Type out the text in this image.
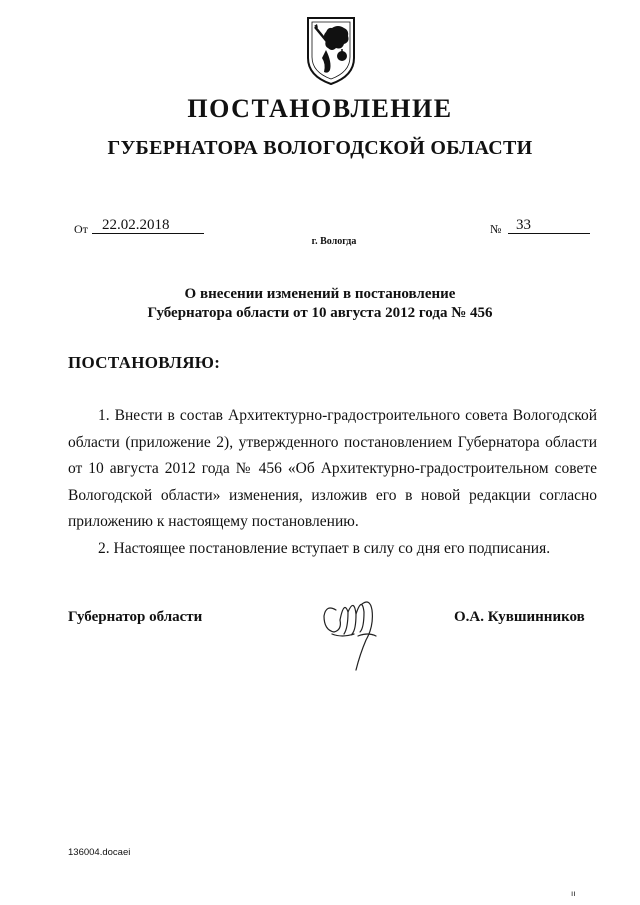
ПОСТАНОВЛЕНИЕ
ГУБЕРНАТОРА ВОЛОГОДСКОЙ ОБЛАСТИ
От 22.02.2018	№ 33
г. Вологда
О внесении изменений в постановление
Губернатора области от 10 августа 2012 года № 456
ПОСТАНОВЛЯЮ:

1. Внести в состав Архитектурно-градостроительного совета Вологодской области (приложение 2), утвержденного постановлением Губернатора области от 10 августа 2012 года № 456 «Об Архитектурно-градостроительном совете Вологодской области» изменения, изложив его в новой редакции согласно приложению к настоящему постановлению.

2. Настоящее постановление вступает в силу со дня его подписания.

Губернатор области	О.А. Кувшинников
136004.docaei
ıı
